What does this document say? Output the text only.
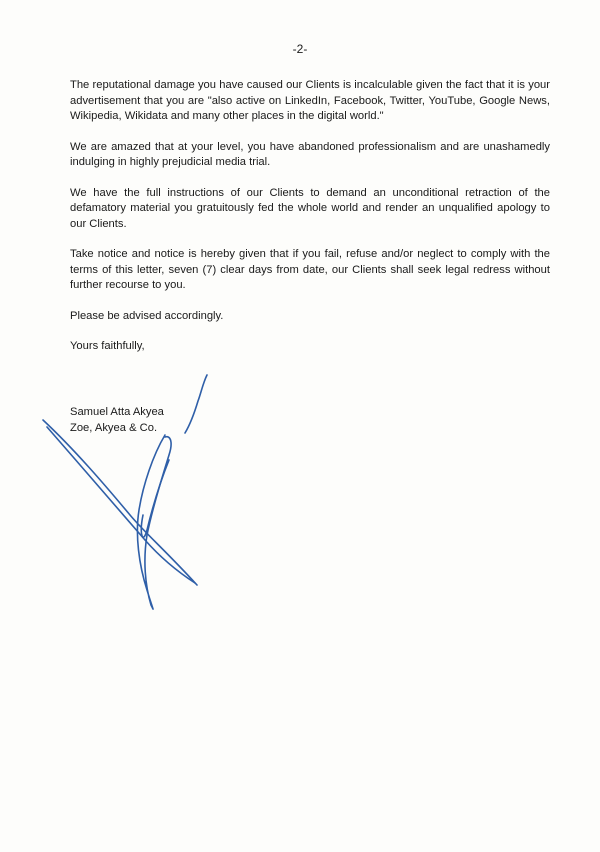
-2-

The reputational damage you have caused our Clients is incalculable given the fact that it is your advertisement that you are "also active on LinkedIn, Facebook, Twitter, YouTube, Google News, Wikipedia, Wikidata and many other places in the digital world."

We are amazed that at your level, you have abandoned professionalism and are unashamedly indulging in highly prejudicial media trial.

We have the full instructions of our Clients to demand an unconditional retraction of the defamatory material you gratuitously fed the whole world and render an unqualified apology to our Clients.

Take notice and notice is hereby given that if you fail, refuse and/or neglect to comply with the terms of this letter, seven (7) clear days from date, our Clients shall seek legal redress without further recourse to you.

Please be advised accordingly.

Yours faithfully,

Samuel Atta Akyea
Zoe, Akyea & Co.
